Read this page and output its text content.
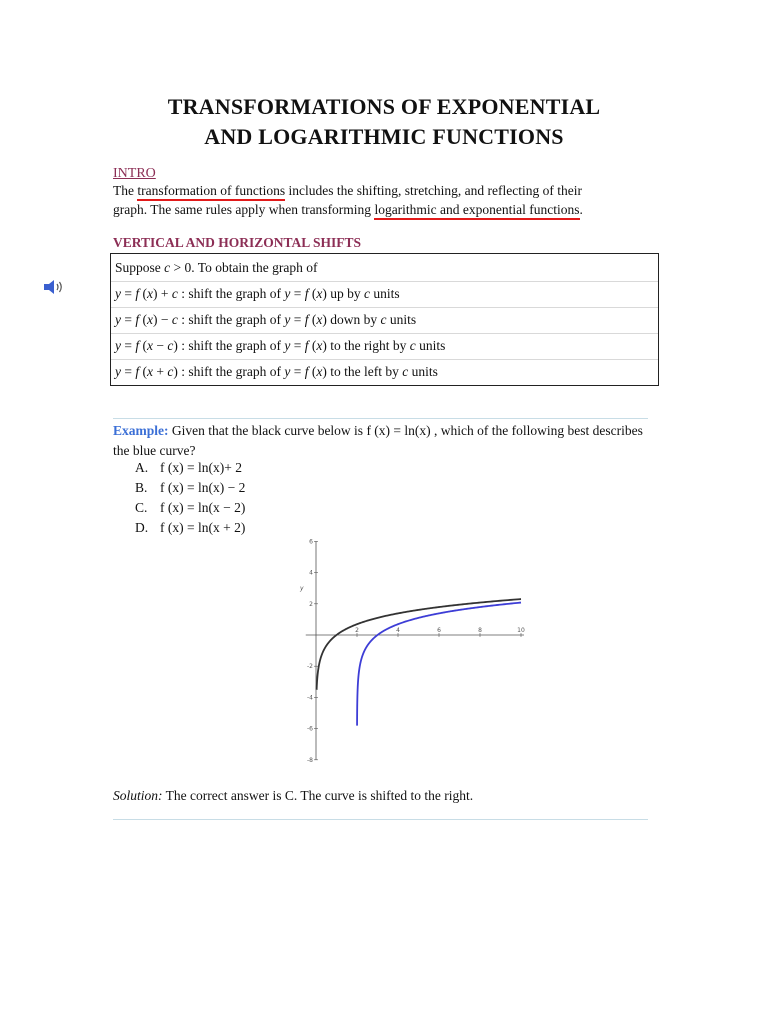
TRANSFORMATIONS OF EXPONENTIAL
AND LOGARITHMIC FUNCTIONS
INTRO
The transformation of functions includes the shifting, stretching, and reflecting of their
graph. The same rules apply when transforming logarithmic and exponential functions.
VERTICAL AND HORIZONTAL SHIFTS
Suppose c > 0. To obtain the graph of
y = f (x) + c : shift the graph of y = f (x) up by c units
y = f (x) − c : shift the graph of y = f (x) down by c units
y = f (x − c) : shift the graph of y = f (x) to the right by c units
y = f (x + c) : shift the graph of y = f (x) to the left by c units
Example: Given that the black curve below is f (x) = ln(x) , which of the following best describes the blue curve?
A. f (x) = ln(x)+ 2
B. f (x) = ln(x) − 2
C. f (x) = ln(x − 2)
D. f (x) = ln(x + 2)
2	4	6	8	10
6
4
2
-2
-4
-6
-8
y
Solution: The correct answer is C. The curve is shifted to the right.
